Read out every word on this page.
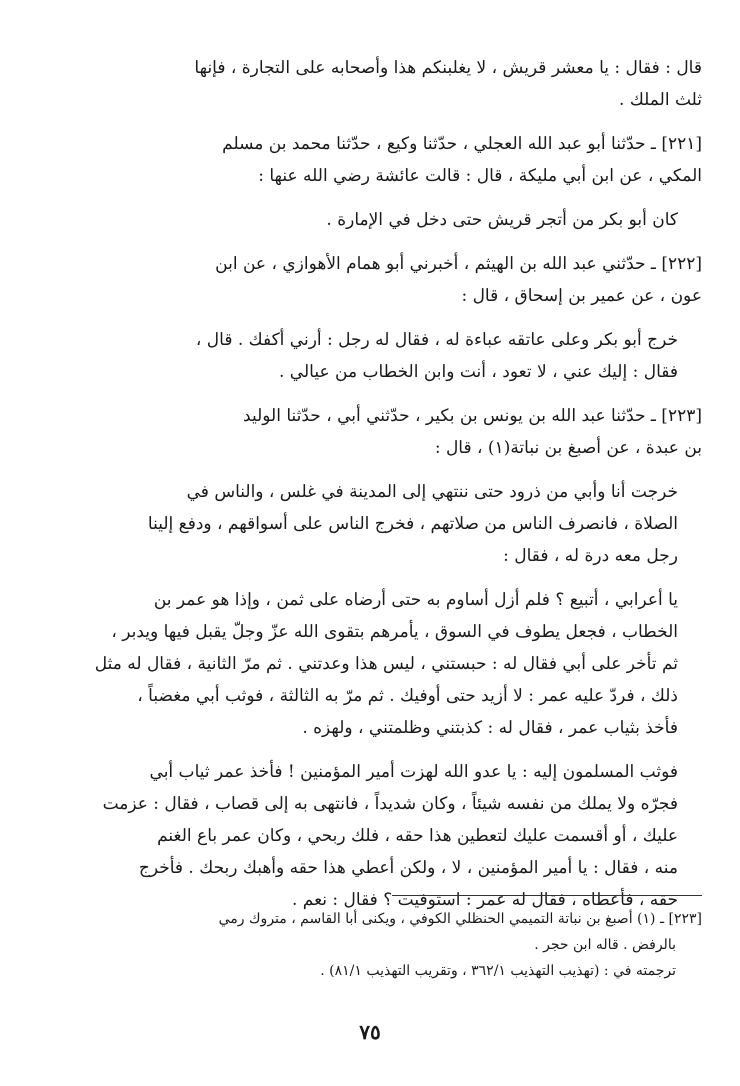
قال : فقال : يا معشر قريش ، لا يغلبنكم هذا وأصحابه على التجارة ، فإنها
ثلث الملك .
[٢٢١] ـ حدّثنا أبو عبد الله العجلي ، حدّثنا وكيع ، حدّثنا محمد بن مسلم
المكي ، عن ابن أبي مليكة ، قال : قالت عائشة رضي الله عنها :
كان أبو بكر من أتجر قريش حتى دخل في الإمارة .
[٢٢٢] ـ حدّثني عبد الله بن الهيثم ، أخبرني أبو همام الأهوازي ، عن ابن
عون ، عن عمير بن إسحاق ، قال :
خرج أبو بكر وعلى عاتقه عباءة له ، فقال له رجل : أرني أكفك . قال ،
فقال : إليك عني ، لا تعود ، أنت وابن الخطاب من عيالي .
[٢٢٣] ـ حدّثنا عبد الله بن يونس بن بكير ، حدّثني أبي ، حدّثنا الوليد
بن عبدة ، عن أصبغ بن نباتة(١) ، قال :
خرجت أنا وأبي من ذرود حتى ننتهي إلى المدينة في غلس ، والناس في
الصلاة ، فانصرف الناس من صلاتهم ، فخرج الناس على أسواقهم ، ودفع إلينا
رجل معه درة له ، فقال :
يا أعرابي ، أتبيع ؟ فلم أزل أساوم به حتى أرضاه على ثمن ، وإذا هو عمر بن
الخطاب ، فجعل يطوف في السوق ، يأمرهم بتقوى الله عزّ وجلّ يقبل فيها ويدبر ،
ثم تأخر على أبي فقال له : حبستني ، ليس هذا وعدتني . ثم مرّ الثانية ، فقال له مثل
ذلك ، فردّ عليه عمر : لا أزيد حتى أوفيك . ثم مرّ به الثالثة ، فوثب أبي مغضباً ،
فأخذ بثياب عمر ، فقال له : كذبتني وظلمتني ، ولهزه .
فوثب المسلمون إليه : يا عدو الله لهزت أمير المؤمنين ! فأخذ عمر ثياب أبي
فجرّه ولا يملك من نفسه شيئاً ، وكان شديداً ، فانتهى به إلى قصاب ، فقال : عزمت
عليك ، أو أقسمت عليك لتعطين هذا حقه ، فلك ربحي ، وكان عمر باع الغنم
منه ، فقال : يا أمير المؤمنين ، لا ، ولكن أعطي هذا حقه وأهبك ربحك . فأخرج
حقه ، فأعطاه ، فقال له عمر : استوفيت ؟ فقال : نعم .
[٢٢٣] ـ (١) أصبغ بن نباتة التميمي الحنظلي الكوفي ، ويكنى أبا القاسم ، متروك رمي
بالرفض . قاله ابن حجر .
ترجمته في : (تهذيب التهذيب ٣٦٢/١ ، وتقريب التهذيب ٨١/١) .
٧٥
